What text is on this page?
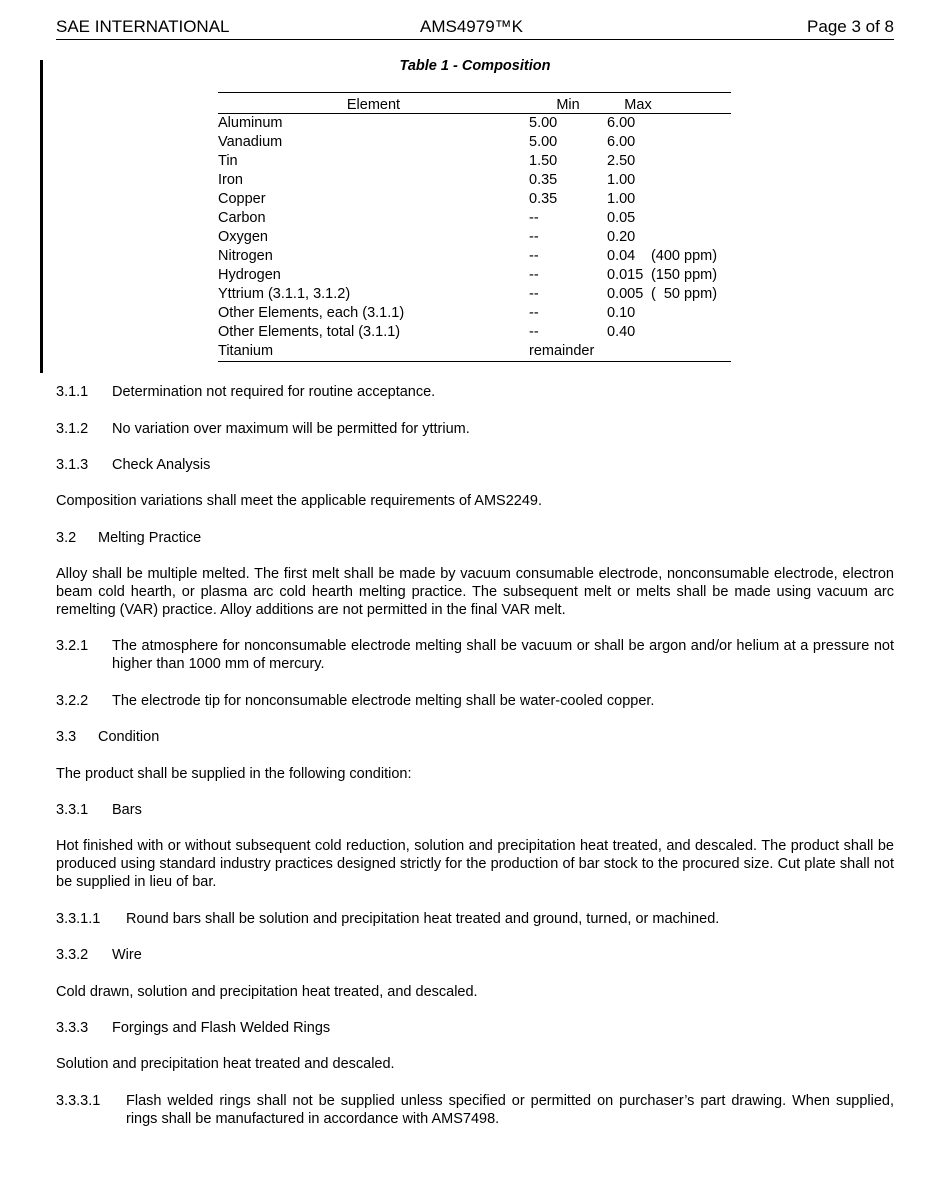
SAE INTERNATIONAL	AMS4979™K	Page 3 of 8
Table 1 - Composition
Element	Min	Max	
Aluminum	5.00	6.00	
Vanadium	5.00	6.00	
Tin	1.50	2.50	
Iron	0.35	1.00	
Copper	0.35	1.00	
Carbon	--	0.05	
Oxygen	--	0.20	
Nitrogen	--	0.04	(400 ppm)
Hydrogen	--	0.015	(150 ppm)
Yttrium (3.1.1, 3.1.2)	--	0.005	(  50 ppm)
Other Elements, each (3.1.1)	--	0.10	
Other Elements, total (3.1.1)	--	0.40	
Titanium	remainder		
3.1.1 Determination not required for routine acceptance.
3.1.2 No variation over maximum will be permitted for yttrium.
3.1.3 Check Analysis
Composition variations shall meet the applicable requirements of AMS2249.
3.2 Melting Practice
Alloy shall be multiple melted. The first melt shall be made by vacuum consumable electrode, nonconsumable electrode, electron beam cold hearth, or plasma arc cold hearth melting practice. The subsequent melt or melts shall be made using vacuum arc remelting (VAR) practice. Alloy additions are not permitted in the final VAR melt.
3.2.1 The atmosphere for nonconsumable electrode melting shall be vacuum or shall be argon and/or helium at a pressure not higher than 1000 mm of mercury.
3.2.2 The electrode tip for nonconsumable electrode melting shall be water-cooled copper.
3.3 Condition
The product shall be supplied in the following condition:
3.3.1 Bars
Hot finished with or without subsequent cold reduction, solution and precipitation heat treated, and descaled. The product shall be produced using standard industry practices designed strictly for the production of bar stock to the procured size. Cut plate shall not be supplied in lieu of bar.
3.3.1.1 Round bars shall be solution and precipitation heat treated and ground, turned, or machined.
3.3.2 Wire
Cold drawn, solution and precipitation heat treated, and descaled.
3.3.3 Forgings and Flash Welded Rings
Solution and precipitation heat treated and descaled.
3.3.3.1 Flash welded rings shall not be supplied unless specified or permitted on purchaser’s part drawing. When supplied, rings shall be manufactured in accordance with AMS7498.
